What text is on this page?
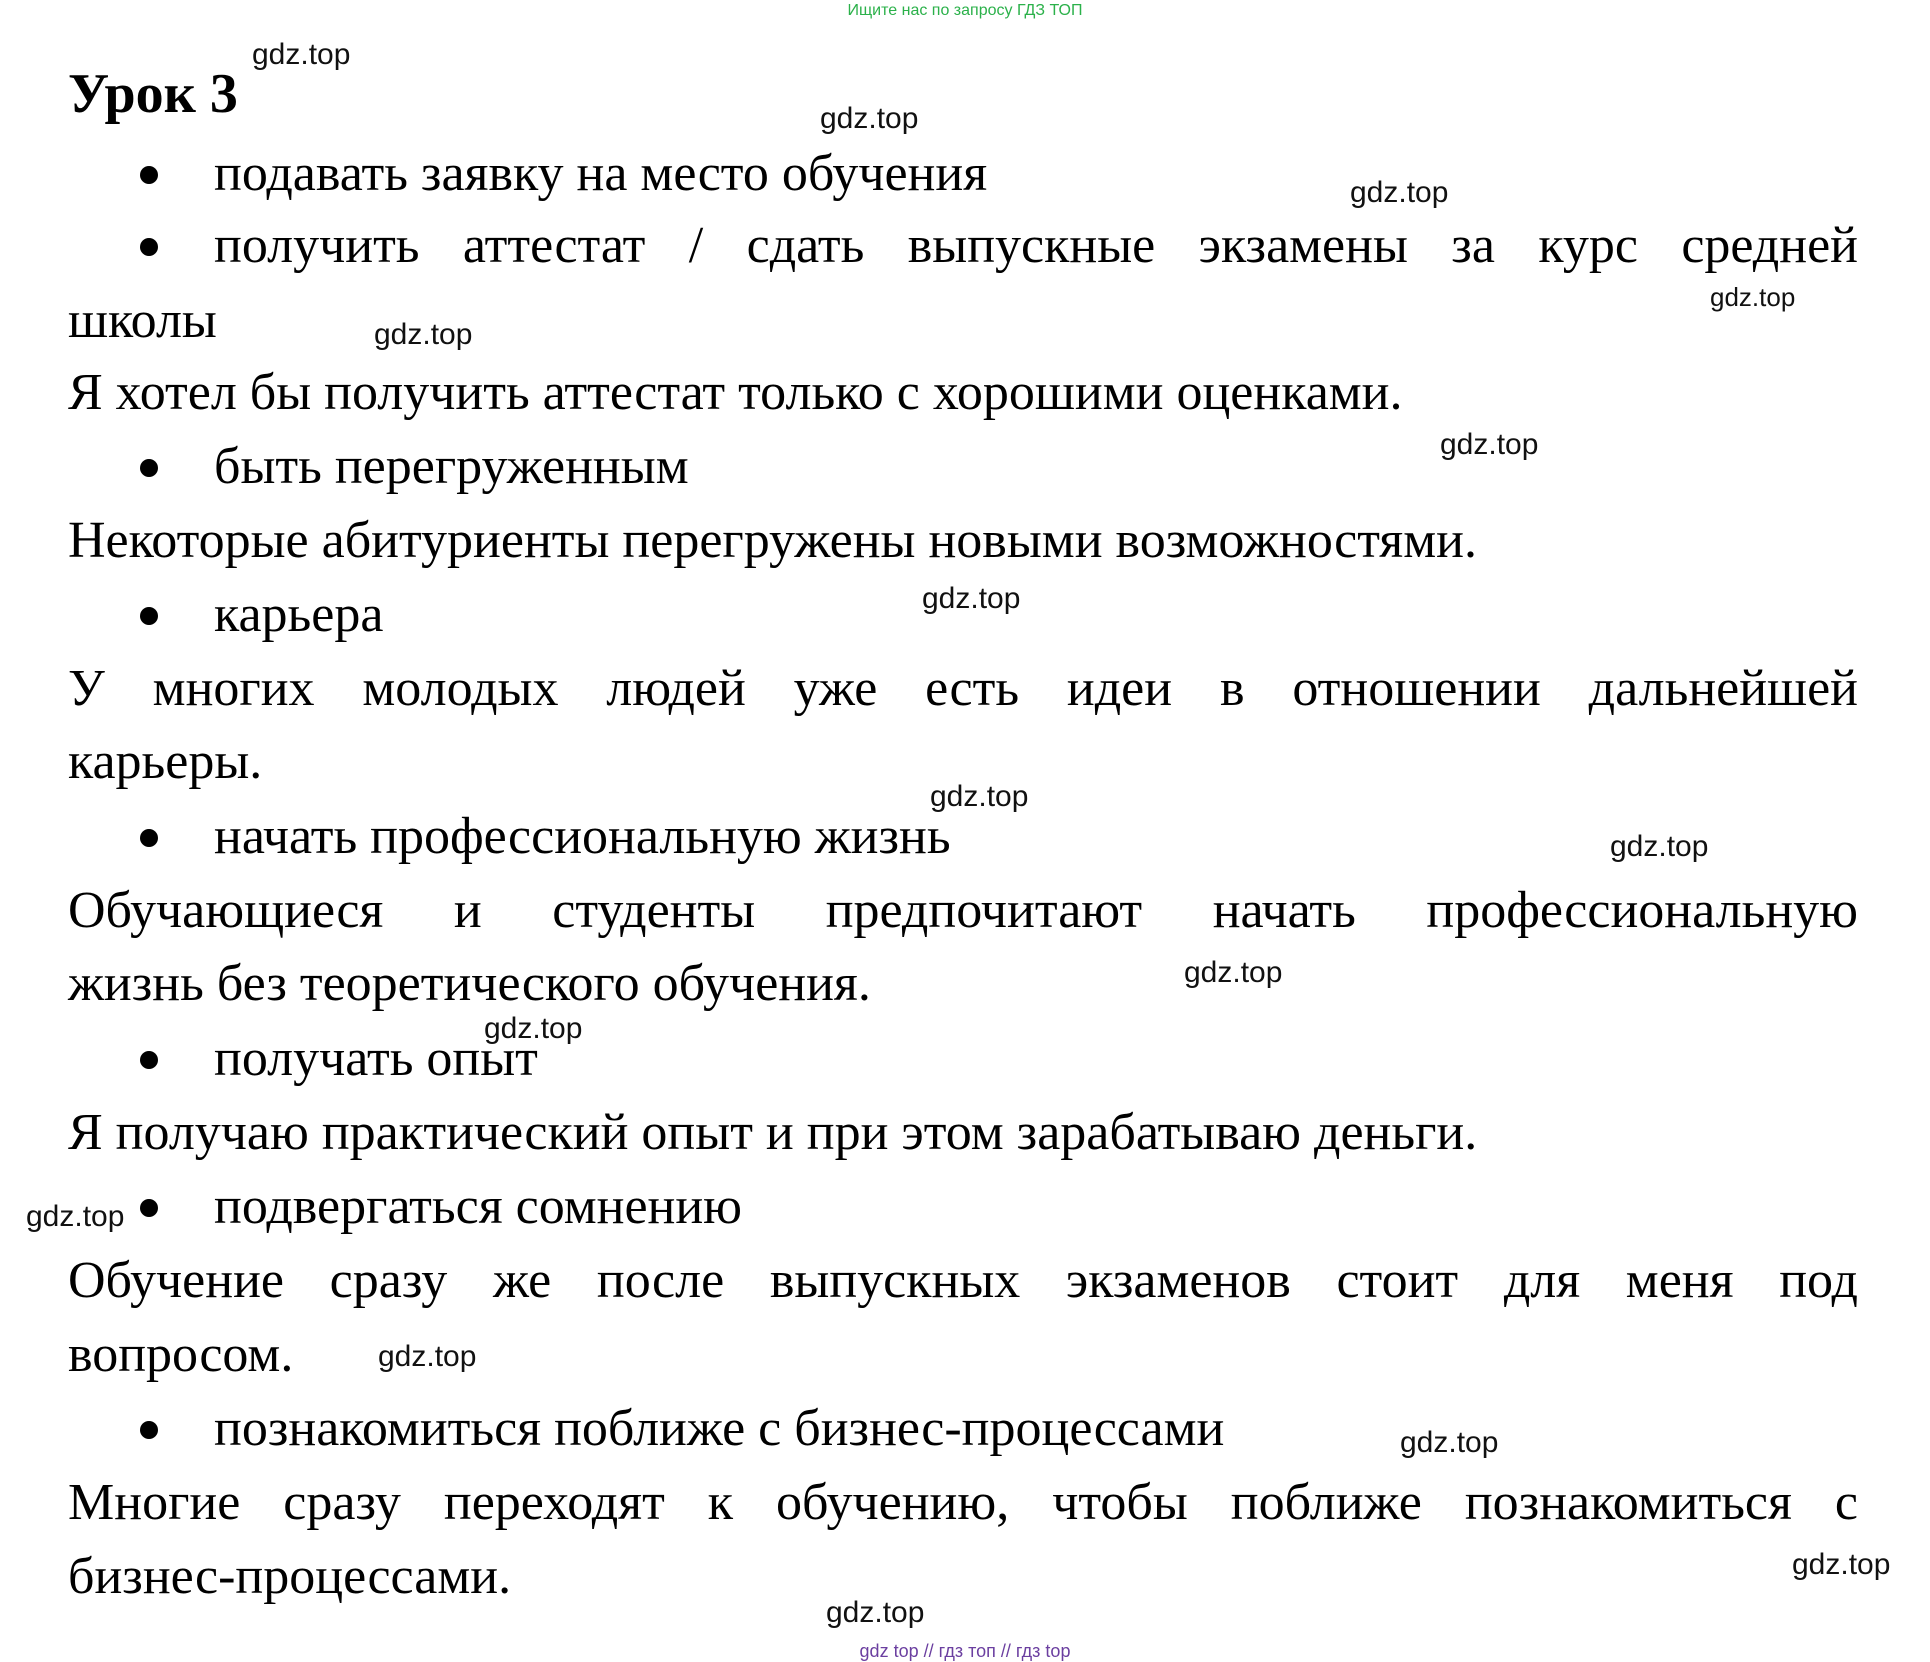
Ищите нас по запросу ГДЗ ТОП
Урок 3
подавать заявку на место обучения
получить аттестат / сдать выпускные экзамены за курс средней
школы
Я хотел бы получить аттестат только с хорошими оценками.
быть перегруженным
Некоторые абитуриенты перегружены новыми возможностями.
карьера
У многих молодых людей уже есть идеи в отношении дальнейшей
карьеры.
начать профессиональную жизнь
Обучающиеся и студенты предпочитают начать профессиональную
жизнь без теоретического обучения.
получать опыт
Я получаю практический опыт и при этом зарабатываю деньги.
подвергаться сомнению
Обучение сразу же после выпускных экзаменов стоит для меня под
вопросом.
познакомиться поближе с бизнес-процессами
Многие сразу переходят к обучению, чтобы поближе познакомиться с
бизнес-процессами.
gdz.top
gdz.top
gdz.top
gdz.top
gdz.top
gdz.top
gdz.top
gdz.top
gdz.top
gdz.top
gdz.top
gdz.top
gdz.top
gdz.top
gdz.top
gdz.top
gdz top // гдз топ // гдз top
